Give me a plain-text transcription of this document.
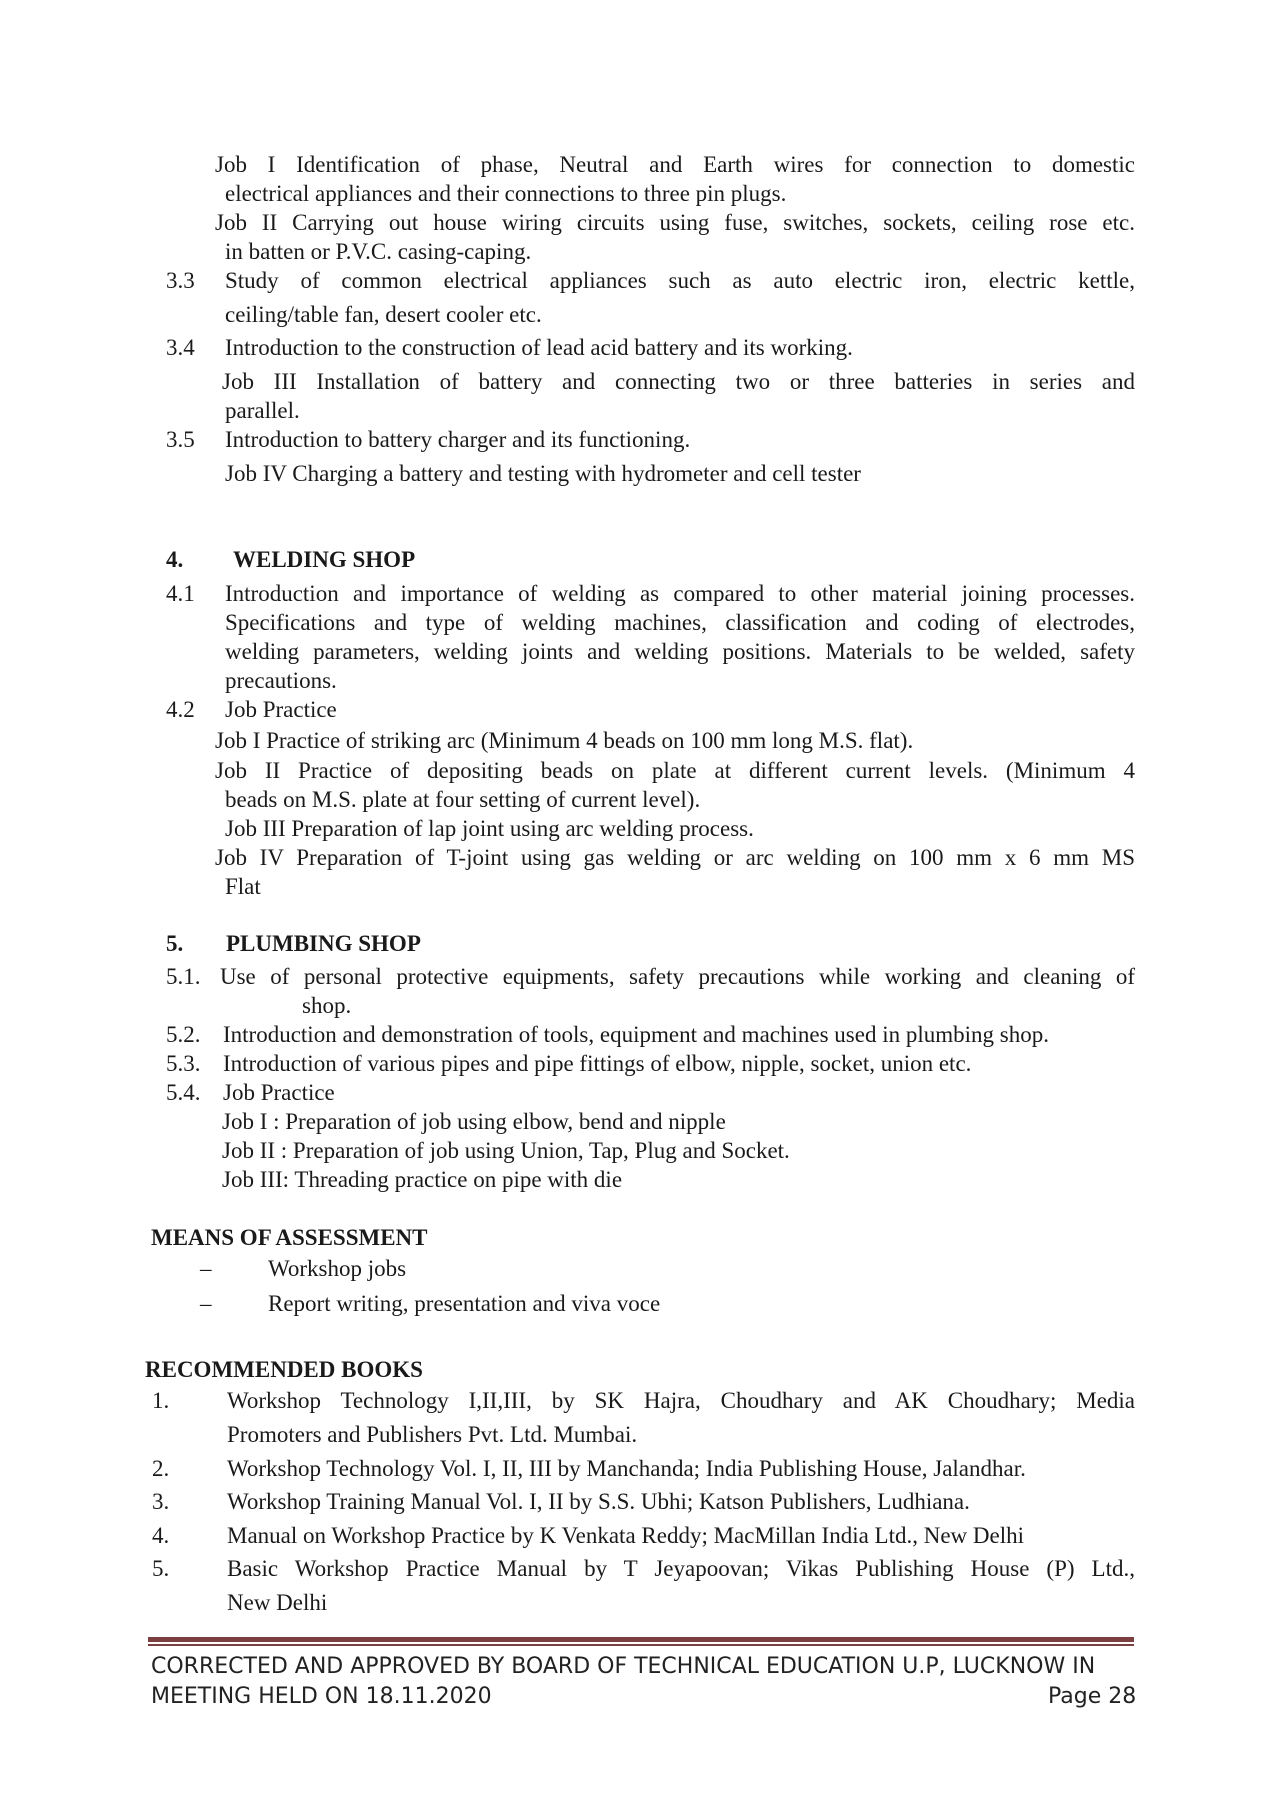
Job I Identification of phase, Neutral and Earth wires for connection to domestic
electrical appliances and their connections to three pin plugs.
Job II Carrying out house wiring circuits using fuse, switches, sockets, ceiling rose etc.
in batten or P.V.C. casing-caping.
3.3 Study of common electrical appliances such as auto electric iron, electric kettle,
ceiling/table fan, desert cooler etc.
3.4 Introduction to the construction of lead acid battery and its working.
Job III Installation of battery and connecting two or three batteries in series and
parallel.
3.5 Introduction to battery charger and its functioning.
Job IV Charging a battery and testing with hydrometer and cell tester
4. WELDING SHOP
4.1 Introduction and importance of welding as compared to other material joining processes.
Specifications and type of welding machines, classification and coding of electrodes,
welding parameters, welding joints and welding positions. Materials to be welded, safety
precautions.
4.2 Job Practice
Job I Practice of striking arc (Minimum 4 beads on 100 mm long M.S. flat).
Job II Practice of depositing beads on plate at different current levels. (Minimum 4
beads on M.S. plate at four setting of current level).
Job III Preparation of lap joint using arc welding process.
Job IV Preparation of T-joint using gas welding or arc welding on 100 mm x 6 mm MS
Flat
5. PLUMBING SHOP
5.1. Use of personal protective equipments, safety precautions while working and cleaning of
shop.
5.2. Introduction and demonstration of tools, equipment and machines used in plumbing shop.
5.3. Introduction of various pipes and pipe fittings of elbow, nipple, socket, union etc.
5.4. Job Practice
Job I : Preparation of job using elbow, bend and nipple
Job II : Preparation of job using Union, Tap, Plug and Socket.
Job III: Threading practice on pipe with die
MEANS OF ASSESSMENT
– Workshop jobs
– Report writing, presentation and viva voce
RECOMMENDED BOOKS
1.	Workshop Technology I,II,III, by SK Hajra, Choudhary and AK Choudhary; Media
Promoters and Publishers Pvt. Ltd. Mumbai.
2.	Workshop Technology Vol. I, II, III by Manchanda; India Publishing House, Jalandhar.
3.	Workshop Training Manual Vol. I, II by S.S. Ubhi; Katson Publishers, Ludhiana.
4.	Manual on Workshop Practice by K Venkata Reddy; MacMillan India Ltd., New Delhi
5.	Basic Workshop Practice Manual by T Jeyapoovan; Vikas Publishing House (P) Ltd.,
New Delhi
CORRECTED AND APPROVED BY BOARD OF TECHNICAL EDUCATION U.P, LUCKNOW IN
MEETING HELD ON 18.11.2020	Page 28
